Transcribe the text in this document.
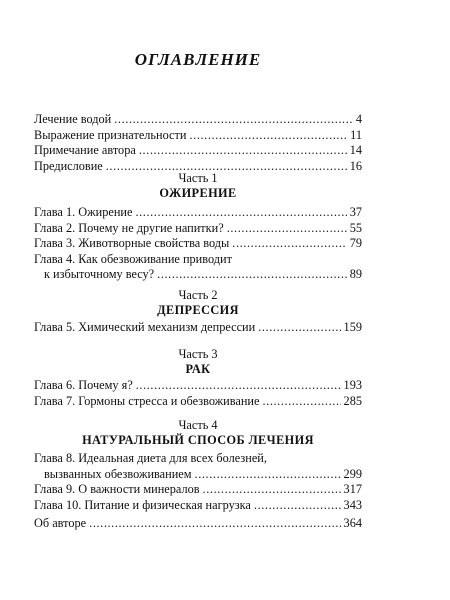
ОГЛАВЛЕНИЕ
Лечение водой .....	4
Выражение признательности .....	11
Примечание автора .....	14
Предисловие .....	16
Часть 1
ОЖИРЕНИЕ
Глава 1. Ожирение .....	37
Глава 2. Почему не другие напитки? .....	55
Глава 3. Животворные свойства воды .....	79
Глава 4. Как обезвоживание приводит
к избыточному весу? .....	89
Часть 2
ДЕПРЕССИЯ
Глава 5. Химический механизм депрессии .....	159
Часть 3
РАК
Глава 6. Почему я? .....	193
Глава 7. Гормоны стресса и обезвоживание .....	285
Часть 4
НАТУРАЛЬНЫЙ СПОСОБ ЛЕЧЕНИЯ
Глава 8. Идеальная диета для всех болезней,
вызванных обезвоживанием .....	299
Глава 9. О важности минералов .....	317
Глава 10. Питание и физическая нагрузка .....	343
Об авторе .....	364
